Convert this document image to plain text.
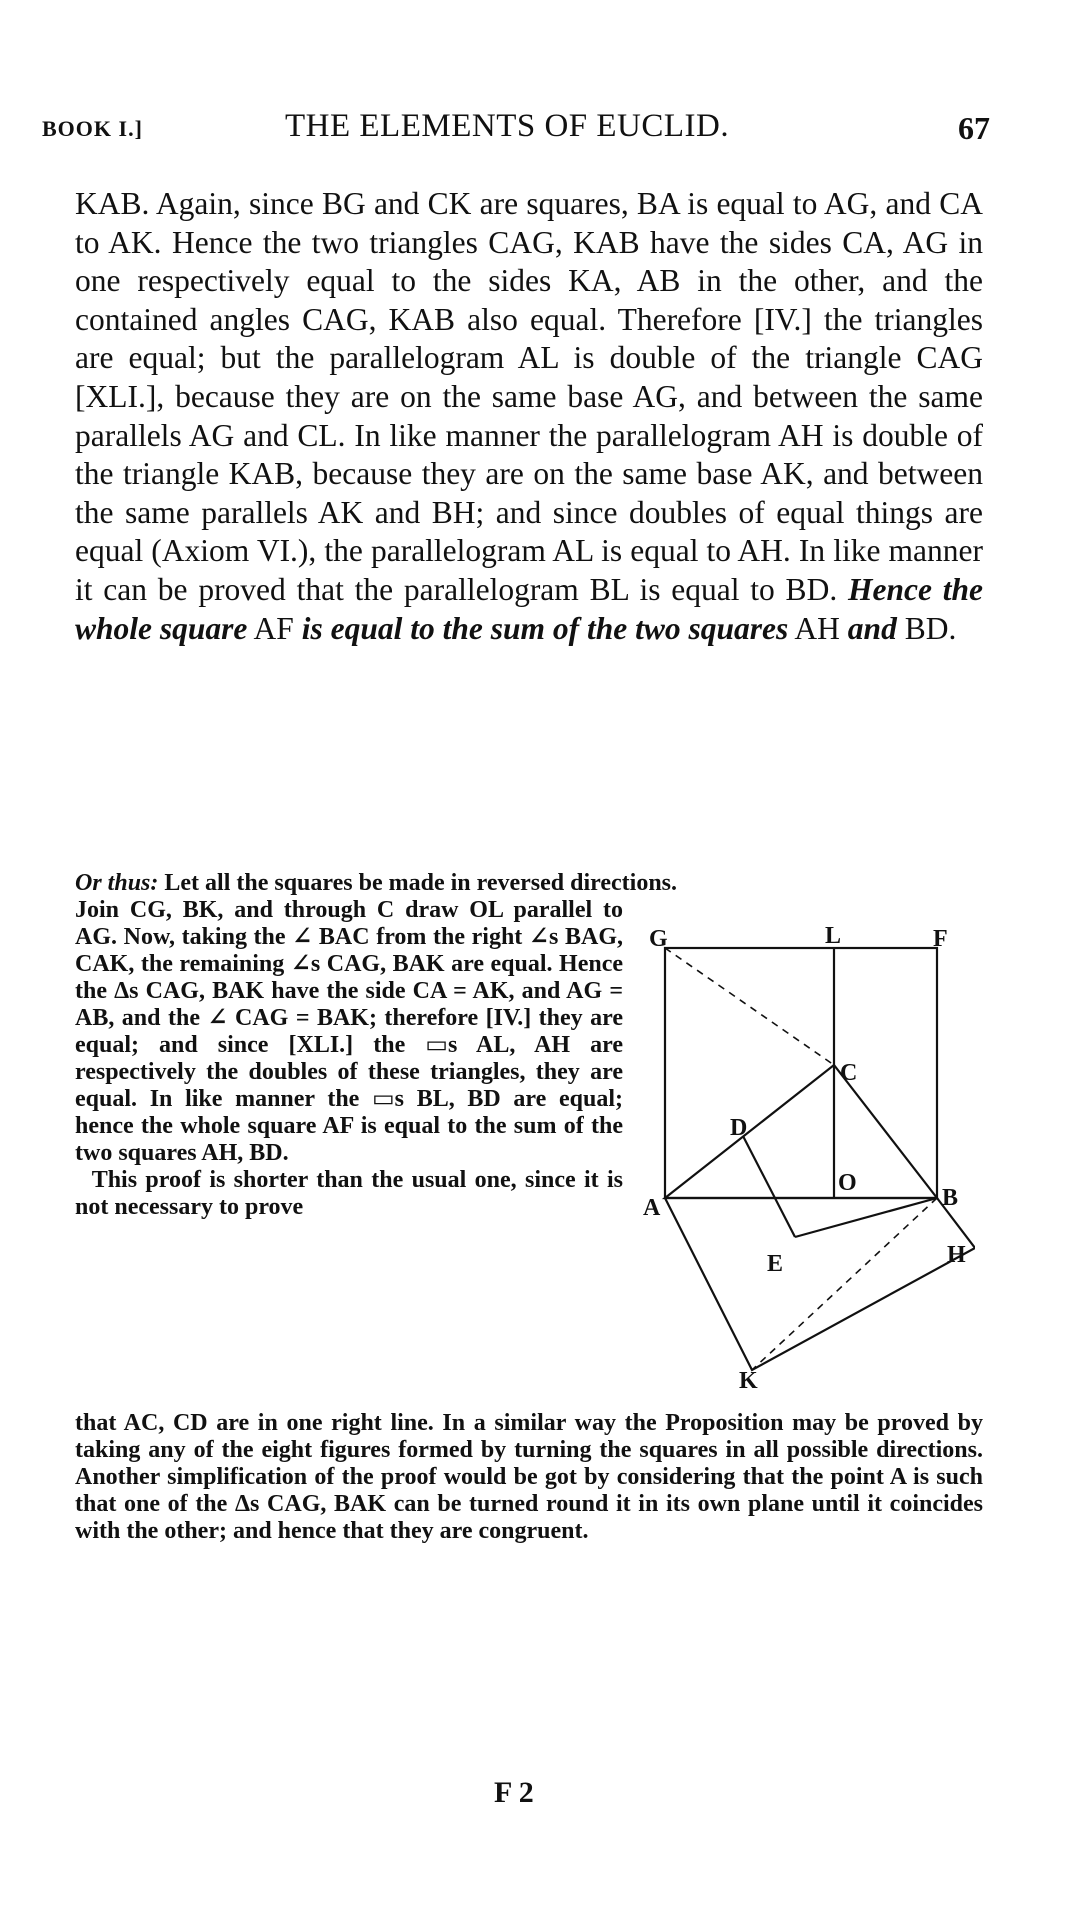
BOOK I.]	THE ELEMENTS OF EUCLID.	67

KAB. Again, since BG and CK are squares, BA is equal to AG, and CA to AK. Hence the two triangles CAG, KAB have the sides CA, AG in one respectively equal to the sides KA, AB in the other, and the contained angles CAG, KAB also equal. Therefore [IV.] the triangles are equal; but the parallelogram AL is double of the triangle CAG [XLI.], because they are on the same base AG, and between the same parallels AG and CL. In like manner the parallelogram AH is double of the triangle KAB, because they are on the same base AK, and between the same parallels AK and BH; and since doubles of equal things are equal (Axiom VI.), the parallelogram AL is equal to AH. In like manner it can be proved that the parallelogram BL is equal to BD. Hence the whole square AF is equal to the sum of the two squares AH and BD.

Or thus: Let all the squares be made in reversed directions.

Join CG, BK, and through C draw OL parallel to AG. Now, taking the ∠ BAC from the right ∠s BAG, CAK, the remaining ∠s CAG, BAK are equal. Hence the Δs CAG, BAK have the side CA = AK, and AG = AB, and the ∠ CAG = BAK; therefore [IV.] they are equal; and since [XLI.] the ▭s AL, AH are respectively the doubles of these triangles, they are equal. In like manner the ▭s BL, BD are equal; hence the whole square AF is equal to the sum of the two squares AH, BD.
This proof is shorter than the usual one, since it is not necessary to prove

that AC, CD are in one right line. In a similar way the Proposition may be proved by taking any of the eight figures formed by turning the squares in all possible directions. Another simplification of the proof would be got by considering that the point A is such that one of the Δs CAG, BAK can be turned round it in its own plane until it coincides with the other; and hence that they are congruent.

G	L	F
C
D
O
A	B
H
E
K
F 2
